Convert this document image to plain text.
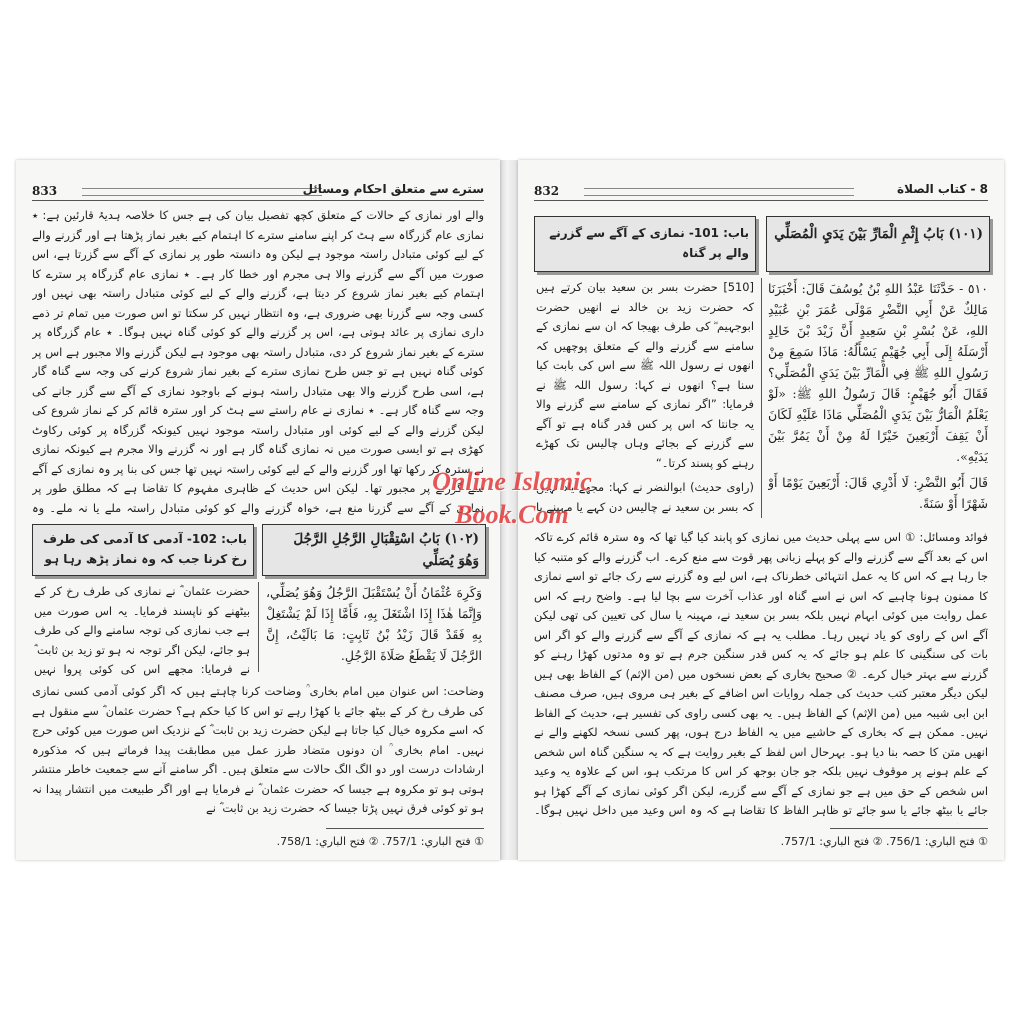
833	سترے سے متعلق احکام ومسائل

والے اور نمازی کے حالات کے متعلق کچھ تفصیل بیان کی ہے جس کا خلاصہ ہدیۂ قارئین ہے: ٭ نمازی عام گزرگاہ سے ہٹ کر اپنے سامنے سترے کا اہتمام کیے بغیر نماز پڑھتا ہے اور گزرنے والے کے لیے کوئی متبادل راستہ موجود ہے لیکن وہ دانستہ طور پر نمازی کے آگے سے گزرتا ہے، اس صورت میں آگے سے گزرنے والا ہی مجرم اور خطا کار ہے۔ ٭ نمازی عام گزرگاہ پر سترے کا اہتمام کیے بغیر نماز شروع کر دیتا ہے، گزرنے والے کے لیے کوئی متبادل راستہ بھی نہیں اور کسی وجہ سے گزرنا بھی ضروری ہے، وہ انتظار نہیں کر سکتا تو اس صورت میں تمام تر ذمے داری نمازی پر عائد ہوتی ہے، اس پر گزرنے والے کو کوئی گناہ نہیں ہوگا۔ ٭ عام گزرگاہ پر سترے کے بغیر نماز شروع کر دی، متبادل راستہ بھی موجود ہے لیکن گزرنے والا مجبور ہے اس پر کوئی گناہ نہیں ہے تو جس طرح نمازی سترے کے بغیر نماز شروع کرنے کی وجہ سے گناہ گار ہے، اسی طرح گزرنے والا بھی متبادل راستہ ہونے کے باوجود نمازی کے آگے سے گزر جانے کی وجہ سے گناہ گار ہے۔ ٭ نمازی نے عام راستے سے ہٹ کر اور سترہ قائم کر کے نماز شروع کی لیکن گزرنے والے کے لیے کوئی اور متبادل راستہ موجود نہیں کیونکہ گزرگاہ پر کوئی رکاوٹ کھڑی ہے تو ایسی صورت میں نہ نمازی گناہ گار ہے اور نہ گزرنے والا مجرم ہے کیونکہ نمازی نے سترہ کر رکھا تھا اور گزرنے والے کے لیے کوئی راستہ نہیں تھا جس کی بنا پر وہ نمازی کے آگے سے گزرنے پر مجبور تھا۔ لیکن اس حدیث کے ظاہری مفہوم کا تقاضا ہے کہ مطلق طور پر نمازی کے آگے سے گزرنا منع ہے، خواہ گزرنے والے کو کوئی متبادل راستہ ملے یا نہ ملے۔ وہ

(١٠٢) بَابُ اسْتِقْبَالِ الرَّجُلِ الرَّجُلَ وَهُوَ يُصَلِّي

باب: 102- آدمی کا آدمی کی طرف رخ کرنا جب کہ وہ نماز پڑھ رہا ہو

وَكَرِهَ عُثْمَانُ أَنْ يُسْتَقْبَلَ الرَّجُلُ وَهُوَ يُصَلِّي، وَإِنَّمَا هٰذَا إِذَا اشْتَغَلَ بِهِ، فَأَمَّا إِذَا لَمْ يَشْتَغِلْ بِهِ فَقَدْ قَالَ زَيْدُ بْنُ ثَابِتٍ: مَا بَالَيْتُ، إِنَّ الرَّجُلَ لَا يَقْطَعُ صَلَاةَ الرَّجُلِ.

حضرت عثمان ؓ نے نمازی کی طرف رخ کر کے بیٹھنے کو ناپسند فرمایا۔ یہ اس صورت میں ہے جب نمازی کی توجہ سامنے والے کی طرف ہو جائے، لیکن اگر توجہ نہ ہو تو زید بن ثابت ؓ نے فرمایا: مجھے اس کی کوئی پروا نہیں

وضاحت: اس عنوان میں امام بخاری ؒ وضاحت کرنا چاہتے ہیں کہ اگر کوئی آدمی کسی نمازی کی طرف رخ کر کے بیٹھ جائے یا کھڑا رہے تو اس کا کیا حکم ہے؟ حضرت عثمان ؓ سے منقول ہے کہ اسے مکروہ خیال کیا جاتا ہے لیکن حضرت زید بن ثابت ؓ کے نزدیک اس صورت میں کوئی حرج نہیں۔ امام بخاری ؒ ان دونوں متضاد طرز عمل میں مطابقت پیدا فرماتے ہیں کہ مذکورہ ارشادات درست اور دو الگ الگ حالات سے متعلق ہیں۔ اگر سامنے آنے سے جمعیت خاطر منتشر ہوتی ہو تو مکروہ ہے جیسا کہ حضرت عثمان ؓ نے فرمایا ہے اور اگر طبیعت میں انتشار پیدا نہ ہو تو کوئی فرق نہیں پڑتا جیسا کہ حضرت زید بن ثابت ؓ نے

① فتح الباري: 757/1. ② فتح الباري: 758/1.

832	8 - كتاب الصلاة

(١٠١) بَابُ إِثْمِ الْمَارِّ بَيْنَ يَدَيِ الْمُصَلِّي

باب: 101- نمازی کے آگے سے گزرنے والے پر گناہ

٥١٠ - حَدَّثَنَا عَبْدُ اللهِ بْنُ يُوسُفَ قَالَ: أَخْبَرَنَا مَالِكٌ عَنْ أَبِي النَّضْرِ مَوْلَى عُمَرَ بْنِ عُبَيْدِ اللهِ، عَنْ بُسْرِ بْنِ سَعِيدٍ أَنَّ زَيْدَ بْنَ خَالِدٍ أَرْسَلَهُ إِلَى أَبِي جُهَيْمٍ يَسْأَلُهُ: مَاذَا سَمِعَ مِنْ رَسُولِ اللهِ ﷺ فِي الْمَارِّ بَيْنَ يَدَيِ الْمُصَلِّي؟ فَقَالَ أَبُو جُهَيْمٍ: قَالَ رَسُولُ اللهِ ﷺ: «لَوْ يَعْلَمُ الْمَارُّ بَيْنَ يَدَيِ الْمُصَلِّي مَاذَا عَلَيْهِ لَكَانَ أَنْ يَقِفَ أَرْبَعِينَ خَيْرًا لَهُ مِنْ أَنْ يَمُرَّ بَيْنَ يَدَيْهِ».

قَالَ أَبُو النَّضْرِ: لَا أَدْرِي قَالَ: أَرْبَعِينَ يَوْمًا أَوْ شَهْرًا أَوْ سَنَةً.

[510] حضرت بسر بن سعید بیان کرتے ہیں کہ حضرت زید بن خالد نے انھیں حضرت ابوجہیم ؓ کی طرف بھیجا کہ ان سے نمازی کے سامنے سے گزرنے والے کے متعلق پوچھیں کہ انھوں نے رسول اللہ ﷺ سے اس کی بابت کیا سنا ہے؟ انھوں نے کہا: رسول اللہ ﷺ نے فرمایا: ”اگر نمازی کے سامنے سے گزرنے والا یہ جانتا کہ اس پر کس قدر گناہ ہے تو آگے سے گزرنے کے بجائے وہاں چالیس تک کھڑے رہنے کو پسند کرتا۔“

(راوی حدیث) ابوالنضر نے کہا: مجھے یاد نہیں کہ بسر بن سعید نے چالیس دن کہے یا مہینے یا

فوائد ومسائل: ① اس سے پہلی حدیث میں نمازی کو پابند کیا گیا تھا کہ وہ سترہ قائم کرے تاکہ اس کے بعد آگے سے گزرنے والے کو پہلے زبانی پھر قوت سے منع کرے۔ اب گزرنے والے کو متنبہ کیا جا رہا ہے کہ اس کا یہ عمل انتہائی خطرناک ہے، اس لیے وہ گزرنے سے رک جائے تو اسے نمازی کا ممنون ہونا چاہیے کہ اس نے اسے گناہ اور عذاب آخرت سے بچا لیا ہے۔ واضح رہے کہ اس عمل روایت میں کوئی ابہام نہیں بلکہ بسر بن سعید نے، مہینہ یا سال کی تعیین کی تھی لیکن آگے اس کے راوی کو یاد نہیں رہا۔ مطلب یہ ہے کہ نمازی کے آگے سے گزرنے والے کو اگر اس بات کی سنگینی کا علم ہو جائے کہ یہ کس قدر سنگین جرم ہے تو وہ مدتوں کھڑا رہنے کو گزرنے سے بہتر خیال کرے۔ ② صحیح بخاری کے بعض نسخوں میں (من الإثم) کے الفاظ بھی ہیں لیکن دیگر معتبر کتب حدیث کی جملہ روایات اس اضافے کے بغیر ہی مروی ہیں، صرف مصنف ابن ابی شیبہ میں (من الإثم) کے الفاظ ہیں۔ یہ بھی کسی راوی کی تفسیر ہے، حدیث کے الفاظ نہیں۔ ممکن ہے کہ بخاری کے حاشیے میں یہ الفاظ درج ہوں، پھر کسی نسخہ لکھنے والے نے انھیں متن کا حصہ بنا دیا ہو۔ بہرحال اس لفظ کے بغیر روایت ہے کہ یہ سنگین گناہ اس شخص کے علم ہونے پر موقوف نہیں بلکہ جو جان بوجھ کر اس کا مرتکب ہو، اس کے علاوہ یہ وعید اس شخص کے حق میں ہے جو نمازی کے آگے سے گزرے، لیکن اگر کوئی نمازی کے آگے کھڑا ہو جائے یا بیٹھ جائے یا سو جائے تو ظاہر الفاظ کا تقاضا ہے کہ وہ اس وعید میں داخل نہیں ہوگا۔

① فتح الباري: 756/1. ② فتح الباري: 757/1.

Online Islamic
Book.Com
